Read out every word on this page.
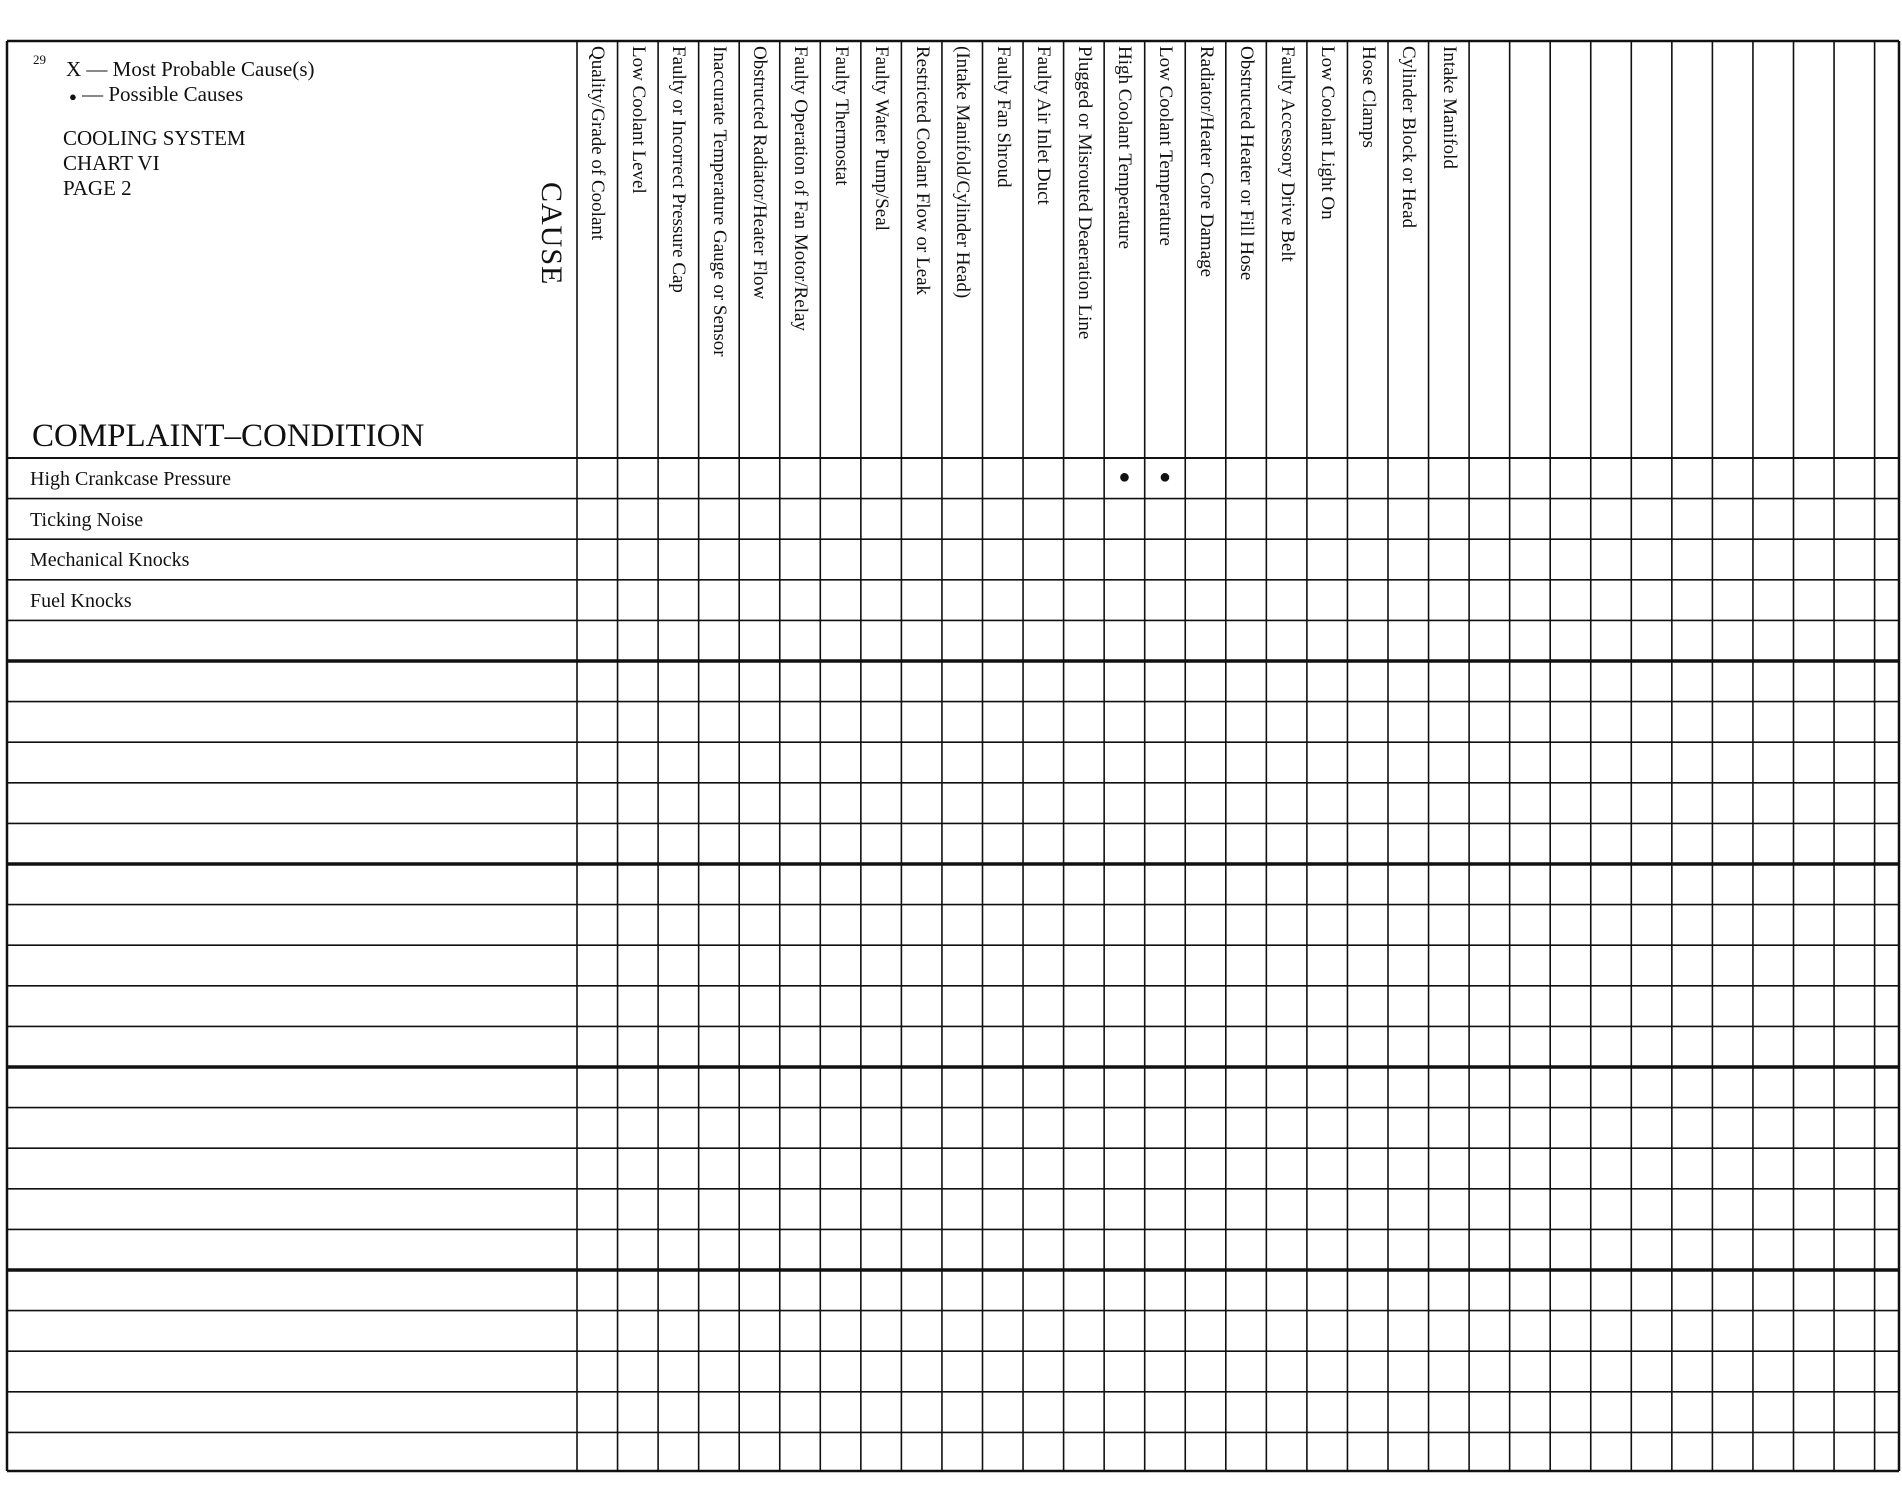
29 X — Most Probable Cause(s)
● — Possible Causes
COOLING SYSTEM
CHART VI
PAGE 2	CAUSE
COMPLAINT–CONDITION
Quality/Grade of Coolant Low Coolant Level Faulty or Incorrect Pressure Cap Inaccurate Temperature Gauge or Sensor Obstructed Radiator/Heater Flow Faulty Operation of Fan Motor/Relay Faulty Thermostat Faulty Water Pump/Seal Restricted Coolant Flow or Leak (Intake Manifold/Cylinder Head) Faulty Fan Shroud Faulty Air Inlet Duct Plugged or Misrouted Deaeration Line High Coolant Temperature Low Coolant Temperature Radiator/Heater Core Damage Obstructed Heater or Fill Hose Faulty Accessory Drive Belt Low Coolant Light On Hose Clamps Cylinder Block or Head Intake Manifold
High Crankcase Pressure
Ticking Noise
Mechanical Knocks
Fuel Knocks
● ●
